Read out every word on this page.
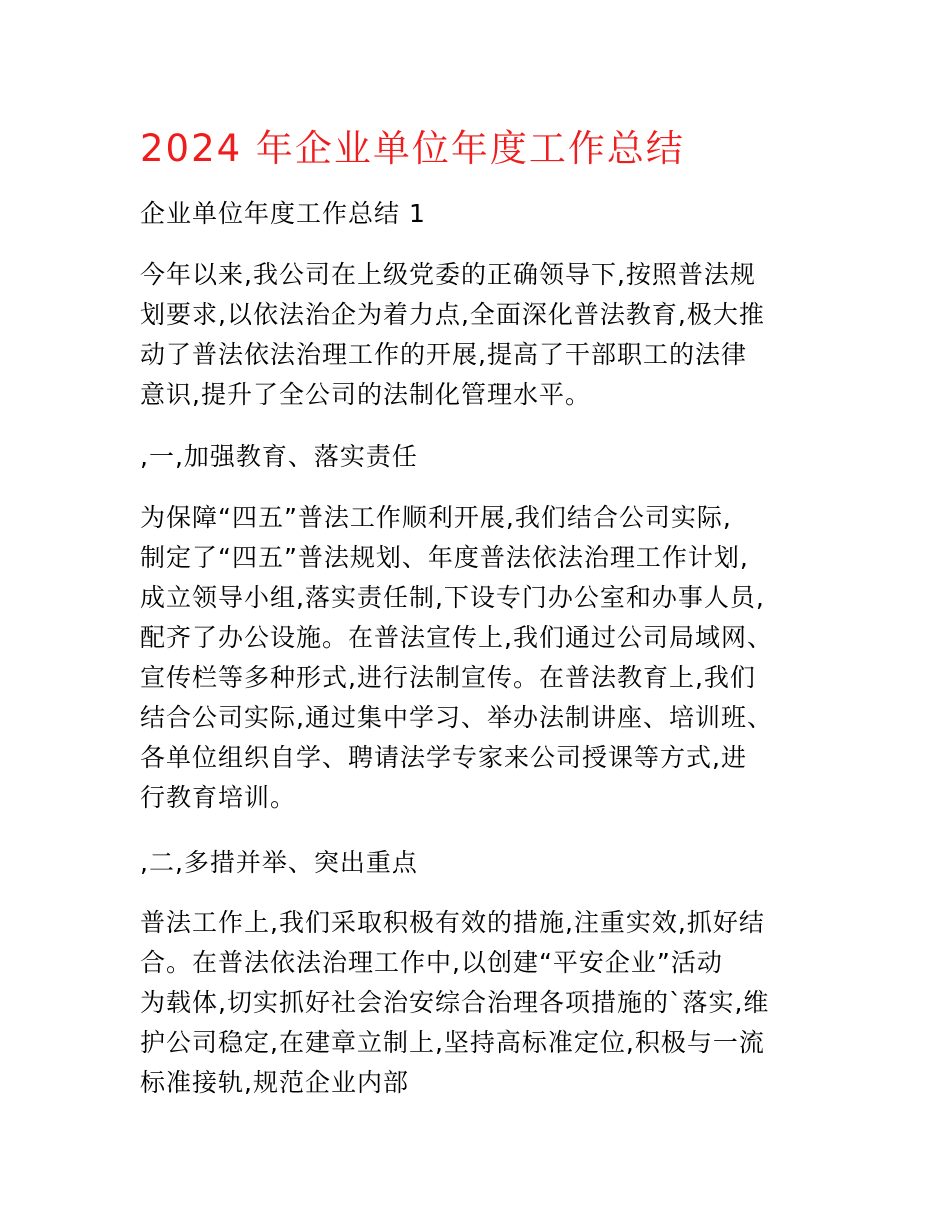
2024 年企业单位年度工作总结

企业单位年度工作总结 1

今年以来,我公司在上级党委的正确领导下,按照普法规
划要求,以依法治企为着力点,全面深化普法教育,极大推
动了普法依法治理工作的开展,提高了干部职工的法律
意识,提升了全公司的法制化管理水平。

,一,加强教育、落实责任

为保障“四五”普法工作顺利开展,我们结合公司实际,
制定了“四五”普法规划、年度普法依法治理工作计划,
成立领导小组,落实责任制,下设专门办公室和办事人员,
配齐了办公设施。在普法宣传上,我们通过公司局域网、
宣传栏等多种形式,进行法制宣传。在普法教育上,我们
结合公司实际,通过集中学习、举办法制讲座、培训班、
各单位组织自学、聘请法学专家来公司授课等方式,进
行教育培训。

,二,多措并举、突出重点

普法工作上,我们采取积极有效的措施,注重实效,抓好结
合。在普法依法治理工作中,以创建“平安企业”活动
为载体,切实抓好社会治安综合治理各项措施的`落实,维
护公司稳定,在建章立制上,坚持高标准定位,积极与一流
标准接轨,规范企业内部
